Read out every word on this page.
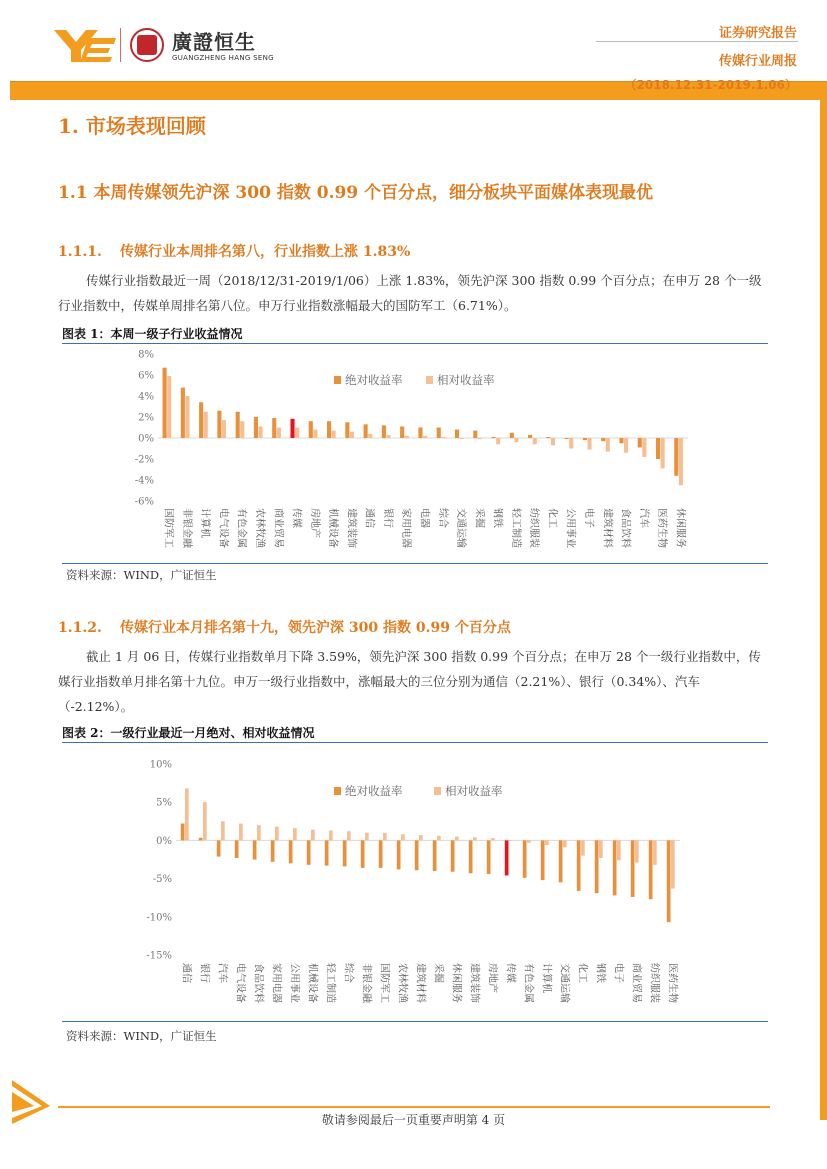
廣證恒生
GUANGZHENG HANG SENG
证券研究报告
传媒行业周报
（2018.12.31-2019.1.06）
1. 市场表现回顾
1.1 本周传媒领先沪深 300 指数 0.99 个百分点，细分板块平面媒体表现最优
1.1.1. 传媒行业本周排名第八，行业指数上涨 1.83%
传媒行业指数最近一周（2018/12/31-2019/1/06）上涨 1.83%，领先沪深 300 指数 0.99 个百分点；在申万 28 个一级行业指数中，传媒单周排名第八位。申万行业指数涨幅最大的国防军工（6.71%）。
图表 1：本周一级子行业收益情况
8%
6%
4%
2%
0%
-2%
-4%
-6%
国防军工 非银金融 计算机 电气设备 有色金属 农林牧渔 商业贸易 传媒 房地产 机械设备 建筑装饰 通信 银行 家用电器 电器 综合 交通运输 采掘 钢铁 轻工制造 纺织服装 化工 公用事业 电子 建筑材料 食品饮料 汽车 医药生物 休闲服务
绝对收益率	相对收益率
资料来源：WIND，广证恒生
1.1.2. 传媒行业本月排名第十九，领先沪深 300 指数 0.99 个百分点
截止 1 月 06 日，传媒行业指数单月下降 3.59%，领先沪深 300 指数 0.99 个百分点；在申万 28 个一级行业指数中，传媒行业指数单月排名第十九位。申万一级行业指数中，涨幅最大的三位分别为通信（2.21%）、银行（0.34%）、汽车（-2.12%）。
图表 2：一级行业最近一月绝对、相对收益情况
10%
5%
0%
-5%
-10%
-15%
通信 银行 汽车 电气设备 食品饮料 家用电器 公用事业 机械设备 轻工制造 综合 非银金融 国防军工 农林牧渔 建筑材料 采掘 休闲服务 建筑装饰 房地产 传媒 有色金属 计算机 交通运输 化工 钢铁 电子 商业贸易 纺织服装 医药生物
绝对收益率	相对收益率
资料来源：WIND，广证恒生
敬请参阅最后一页重要声明第 4 页
